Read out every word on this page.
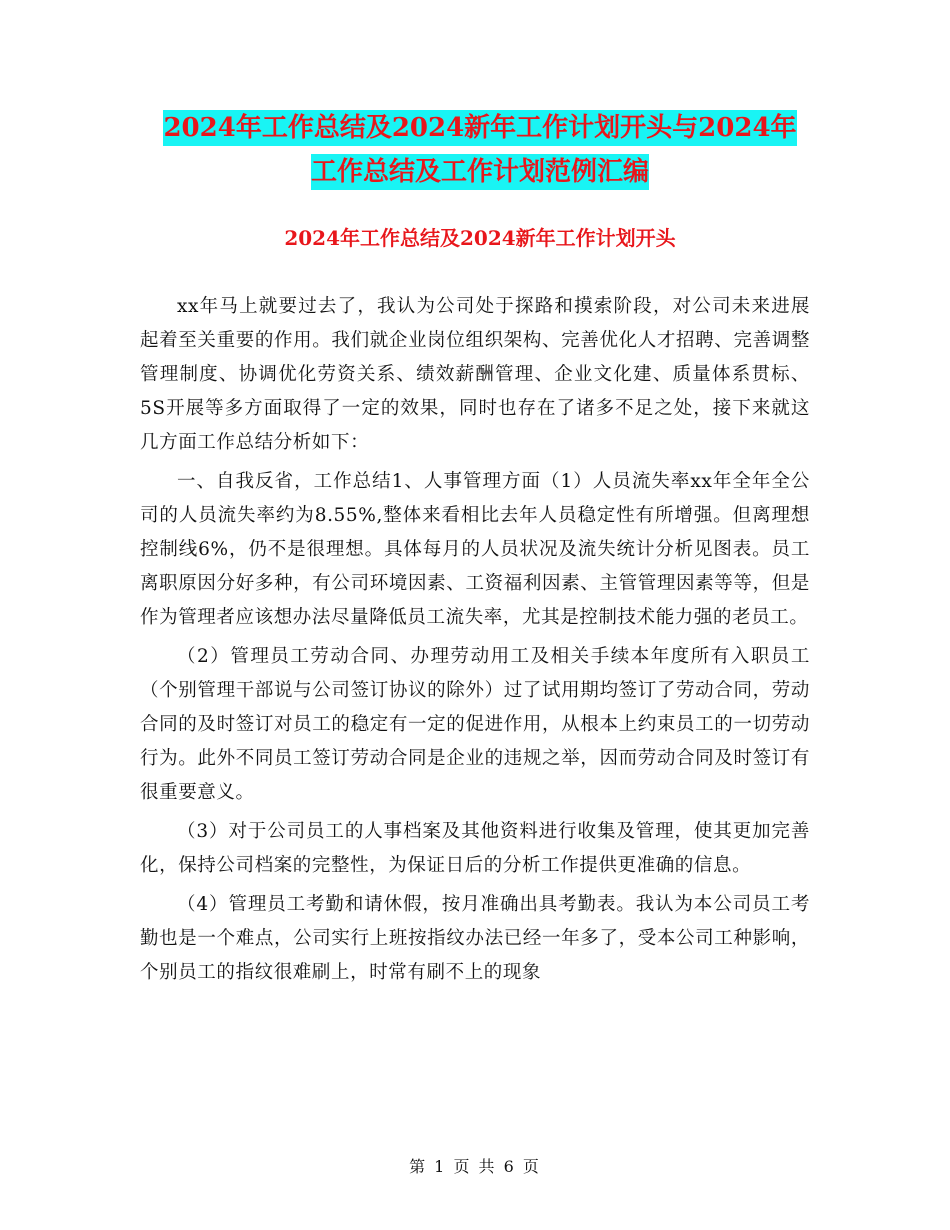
2024年工作总结及2024新年工作计划开头与2024年
工作总结及工作计划范例汇编
2024年工作总结及2024新年工作计划开头

xx年马上就要过去了，我认为公司处于探路和摸索阶段，对公司未来进展起着至关重要的作用。我们就企业岗位组织架构、完善优化人才招聘、完善调整管理制度、协调优化劳资关系、绩效薪酬管理、企业文化建、质量体系贯标、5S开展等多方面取得了一定的效果，同时也存在了诸多不足之处，接下来就这几方面工作总结分析如下：

一、自我反省，工作总结1、人事管理方面（1）人员流失率xx年全年全公司的人员流失率约为8.55%,整体来看相比去年人员稳定性有所增强。但离理想控制线6%，仍不是很理想。具体每月的人员状况及流失统计分析见图表。员工离职原因分好多种，有公司环境因素、工资福利因素、主管管理因素等等，但是作为管理者应该想办法尽量降低员工流失率，尤其是控制技术能力强的老员工。

（2）管理员工劳动合同、办理劳动用工及相关手续本年度所有入职员工（个别管理干部说与公司签订协议的除外）过了试用期均签订了劳动合同，劳动合同的及时签订对员工的稳定有一定的促进作用，从根本上约束员工的一切劳动行为。此外不同员工签订劳动合同是企业的违规之举，因而劳动合同及时签订有很重要意义。

（3）对于公司员工的人事档案及其他资料进行收集及管理，使其更加完善化，保持公司档案的完整性，为保证日后的分析工作提供更准确的信息。

（4）管理员工考勤和请休假，按月准确出具考勤表。我认为本公司员工考勤也是一个难点，公司实行上班按指纹办法已经一年多了，受本公司工种影响，个别员工的指纹很难刷上，时常有刷不上的现象

第 1 页 共 6 页
